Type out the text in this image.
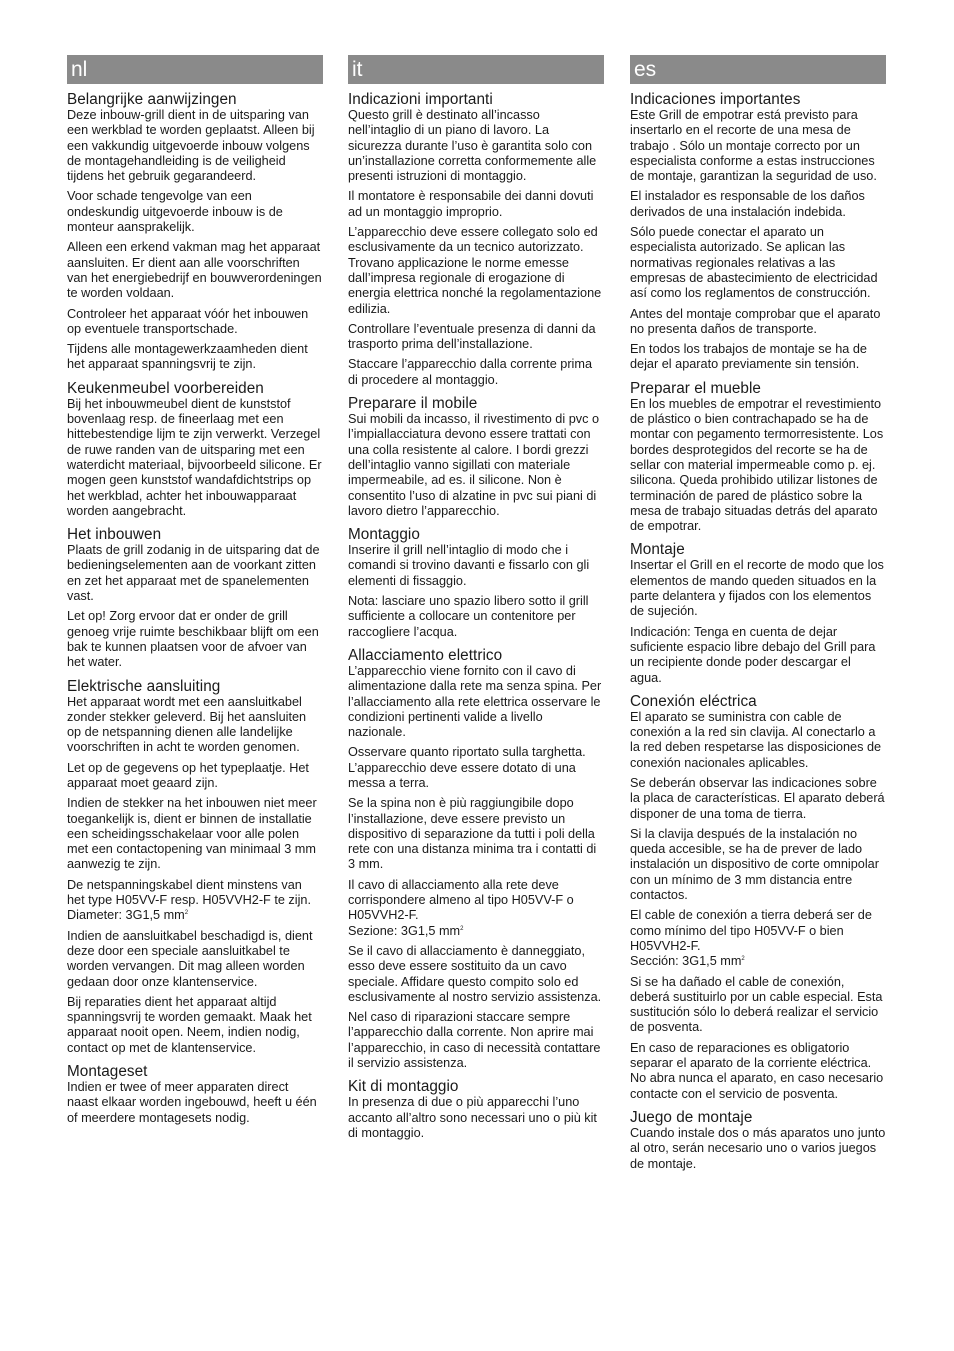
nl
Belangrijke aanwijzingen

Deze inbouw-grill dient in de uitsparing van een werkblad te worden geplaatst. Alleen bij een vakkundig uitgevoerde inbouw volgens de montagehandleiding is de veiligheid tijdens het gebruik gegarandeerd.

Voor schade tengevolge van een ondeskundig uitgevoerde inbouw is de monteur aansprakelijk.

Alleen een erkend vakman mag het apparaat aansluiten. Er dient aan alle voorschriften van het energiebedrijf en bouwverordeningen te worden voldaan.

Controleer het apparaat vóór het inbouwen op eventuele transportschade.

Tijdens alle montagewerkzaamheden dient het apparaat spanningsvrij te zijn.

Keukenmeubel voorbereiden

Bij het inbouwmeubel dient de kunststof bovenlaag resp. de fineerlaag met een hittebestendige lijm te zijn verwerkt. Verzegel de ruwe randen van de uitsparing met een waterdicht materiaal, bijvoorbeeld silicone. Er mogen geen kunststof wandafdichtstrips op het werkblad, achter het inbouwapparaat worden aangebracht.

Het inbouwen

Plaats de grill zodanig in de uitsparing dat de bedieningselementen aan de voorkant zitten en zet het apparaat met de spanelementen vast.

Let op! Zorg ervoor dat er onder de grill genoeg vrije ruimte beschikbaar blijft om een bak te kunnen plaatsen voor de afvoer van het water.

Elektrische aansluiting

Het apparaat wordt met een aansluitkabel zonder stekker geleverd. Bij het aansluiten op de netspanning dienen alle landelijke voorschriften in acht te worden genomen.

Let op de gegevens op het typeplaatje. Het apparaat moet geaard zijn.

Indien de stekker na het inbouwen niet meer toegankelijk is, dient er binnen de installatie een scheidingsschakelaar voor alle polen met een contactopening van minimaal 3 mm aanwezig te zijn.

De netspanningskabel dient minstens van het type H05VV-F resp. H05VVH2-F te zijn.
Diameter: 3G1,5 $mm^2$

Indien de aansluitkabel beschadigd is, dient deze door een speciale aansluitkabel te worden vervangen. Dit mag alleen worden gedaan door onze klantenservice.

Bij reparaties dient het apparaat altijd spanningsvrij te worden gemaakt. Maak het apparaat nooit open. Neem, indien nodig, contact op met de klantenservice.

Montageset

Indien er twee of meer apparaten direct naast elkaar worden ingebouwd, heeft u één of meerdere montagesets nodig.

it
Indicazioni importanti

Questo grill è destinato all’incasso nell’intaglio di un piano di lavoro. La sicurezza durante l’uso è garantita solo con un’installazione corretta conformemente alle presenti istruzioni di montaggio.

Il montatore è responsabile dei danni dovuti ad un montaggio improprio.

L’apparecchio deve essere collegato solo ed esclusivamente da un tecnico autorizzato. Trovano applicazione le norme emesse dall’impresa regionale di erogazione di energia elettrica nonché la regolamentazione edilizia.

Controllare l’eventuale presenza di danni da trasporto prima dell’installazione.

Staccare l’apparecchio dalla corrente prima di procedere al montaggio.

Preparare il mobile

Sui mobili da incasso, il rivestimento di pvc o l’impiallacciatura devono essere trattati con una colla resistente al calore. I bordi grezzi dell’intaglio vanno sigillati con materiale impermeabile, ad es. il silicone. Non è consentito l’uso di alzatine in pvc sui piani di lavoro dietro l’apparecchio.

Montaggio

Inserire il grill nell’intaglio di modo che i comandi si trovino davanti e fissarlo con gli elementi di fissaggio.

Nota: lasciare uno spazio libero sotto il grill sufficiente a collocare un contenitore per raccogliere l’acqua.

Allacciamento elettrico

L’apparecchio viene fornito con il cavo di alimentazione dalla rete ma senza spina. Per l’allacciamento alla rete elettrica osservare le condizioni pertinenti valide a livello nazionale.

Osservare quanto riportato sulla targhetta. L’apparecchio deve essere dotato di una messa a terra.

Se la spina non è più raggiungibile dopo l’installazione, deve essere previsto un dispositivo di separazione da tutti i poli della rete con una distanza minima tra i contatti di 3 mm.

Il cavo di allacciamento alla rete deve corrispondere almeno al tipo H05VV-F o H05VVH2-F.
Sezione: 3G1,5 $mm^2$

Se il cavo di allacciamento è danneggiato, esso deve essere sostituito da un cavo speciale. Affidare questo compito solo ed esclusivamente al nostro servizio assistenza.

Nel caso di riparazioni staccare sempre l’apparecchio dalla corrente. Non aprire mai l’apparecchio, in caso di necessità contattare il servizio assistenza.

Kit di montaggio

In presenza di due o più apparecchi l’uno accanto all’altro sono necessari uno o più kit di montaggio.

es
Indicaciones importantes

Este Grill de empotrar está previsto para insertarlo en el recorte de una mesa de trabajo . Sólo un montaje correcto por un especialista conforme a estas instrucciones de montaje, garantizan la seguridad de uso.

El instalador es responsable de los daños derivados de una instalación indebida.

Sólo puede conectar el aparato un especialista autorizado. Se aplican las normativas regionales relativas a las empresas de abastecimiento de electricidad así como los reglamentos de construcción.

Antes del montaje comprobar que el aparato no presenta daños de transporte.

En todos los trabajos de montaje se ha de dejar el aparato previamente sin tensión.

Preparar el mueble

En los muebles de empotrar el revestimiento de plástico o bien contrachapado se ha de montar con pegamento termorresistente. Los bordes desprotegidos del recorte se ha de sellar con material impermeable como p. ej. silicona. Queda prohibido utilizar listones de terminación de pared de plástico sobre la mesa de trabajo situadas detrás del aparato de empotrar.

Montaje

Insertar el Grill en el recorte de modo que los elementos de mando queden situados en la parte delantera y fijados con los elementos de sujeción.

Indicación: Tenga en cuenta de dejar suficiente espacio libre debajo del Grill para un recipiente donde poder descargar el agua.

Conexión eléctrica

El aparato se suministra con cable de conexión a la red sin clavija. Al conectarlo a la red deben respetarse las disposiciones de conexión nacionales aplicables.

Se deberán observar las indicaciones sobre la placa de características. El aparato deberá disponer de una toma de tierra.

Si la clavija después de la instalación no queda accesible, se ha de prever de lado instalación un dispositivo de corte omnipolar con un mínimo de 3 mm distancia entre contactos.

El cable de conexión a tierra deberá ser de como mínimo del tipo H05VV-F o bien H05VVH2-F.
Sección: 3G1,5 $mm^2$

Si se ha dañado el cable de conexión, deberá sustituirlo por un cable especial. Esta sustitución sólo lo deberá realizar el servicio de posventa.

En caso de reparaciones es obligatorio separar el aparato de la corriente eléctrica. No abra nunca el aparato, en caso necesario contacte con el servicio de posventa.

Juego de montaje

Cuando instale dos o más aparatos uno junto al otro, serán necesario uno o varios juegos de montaje.
